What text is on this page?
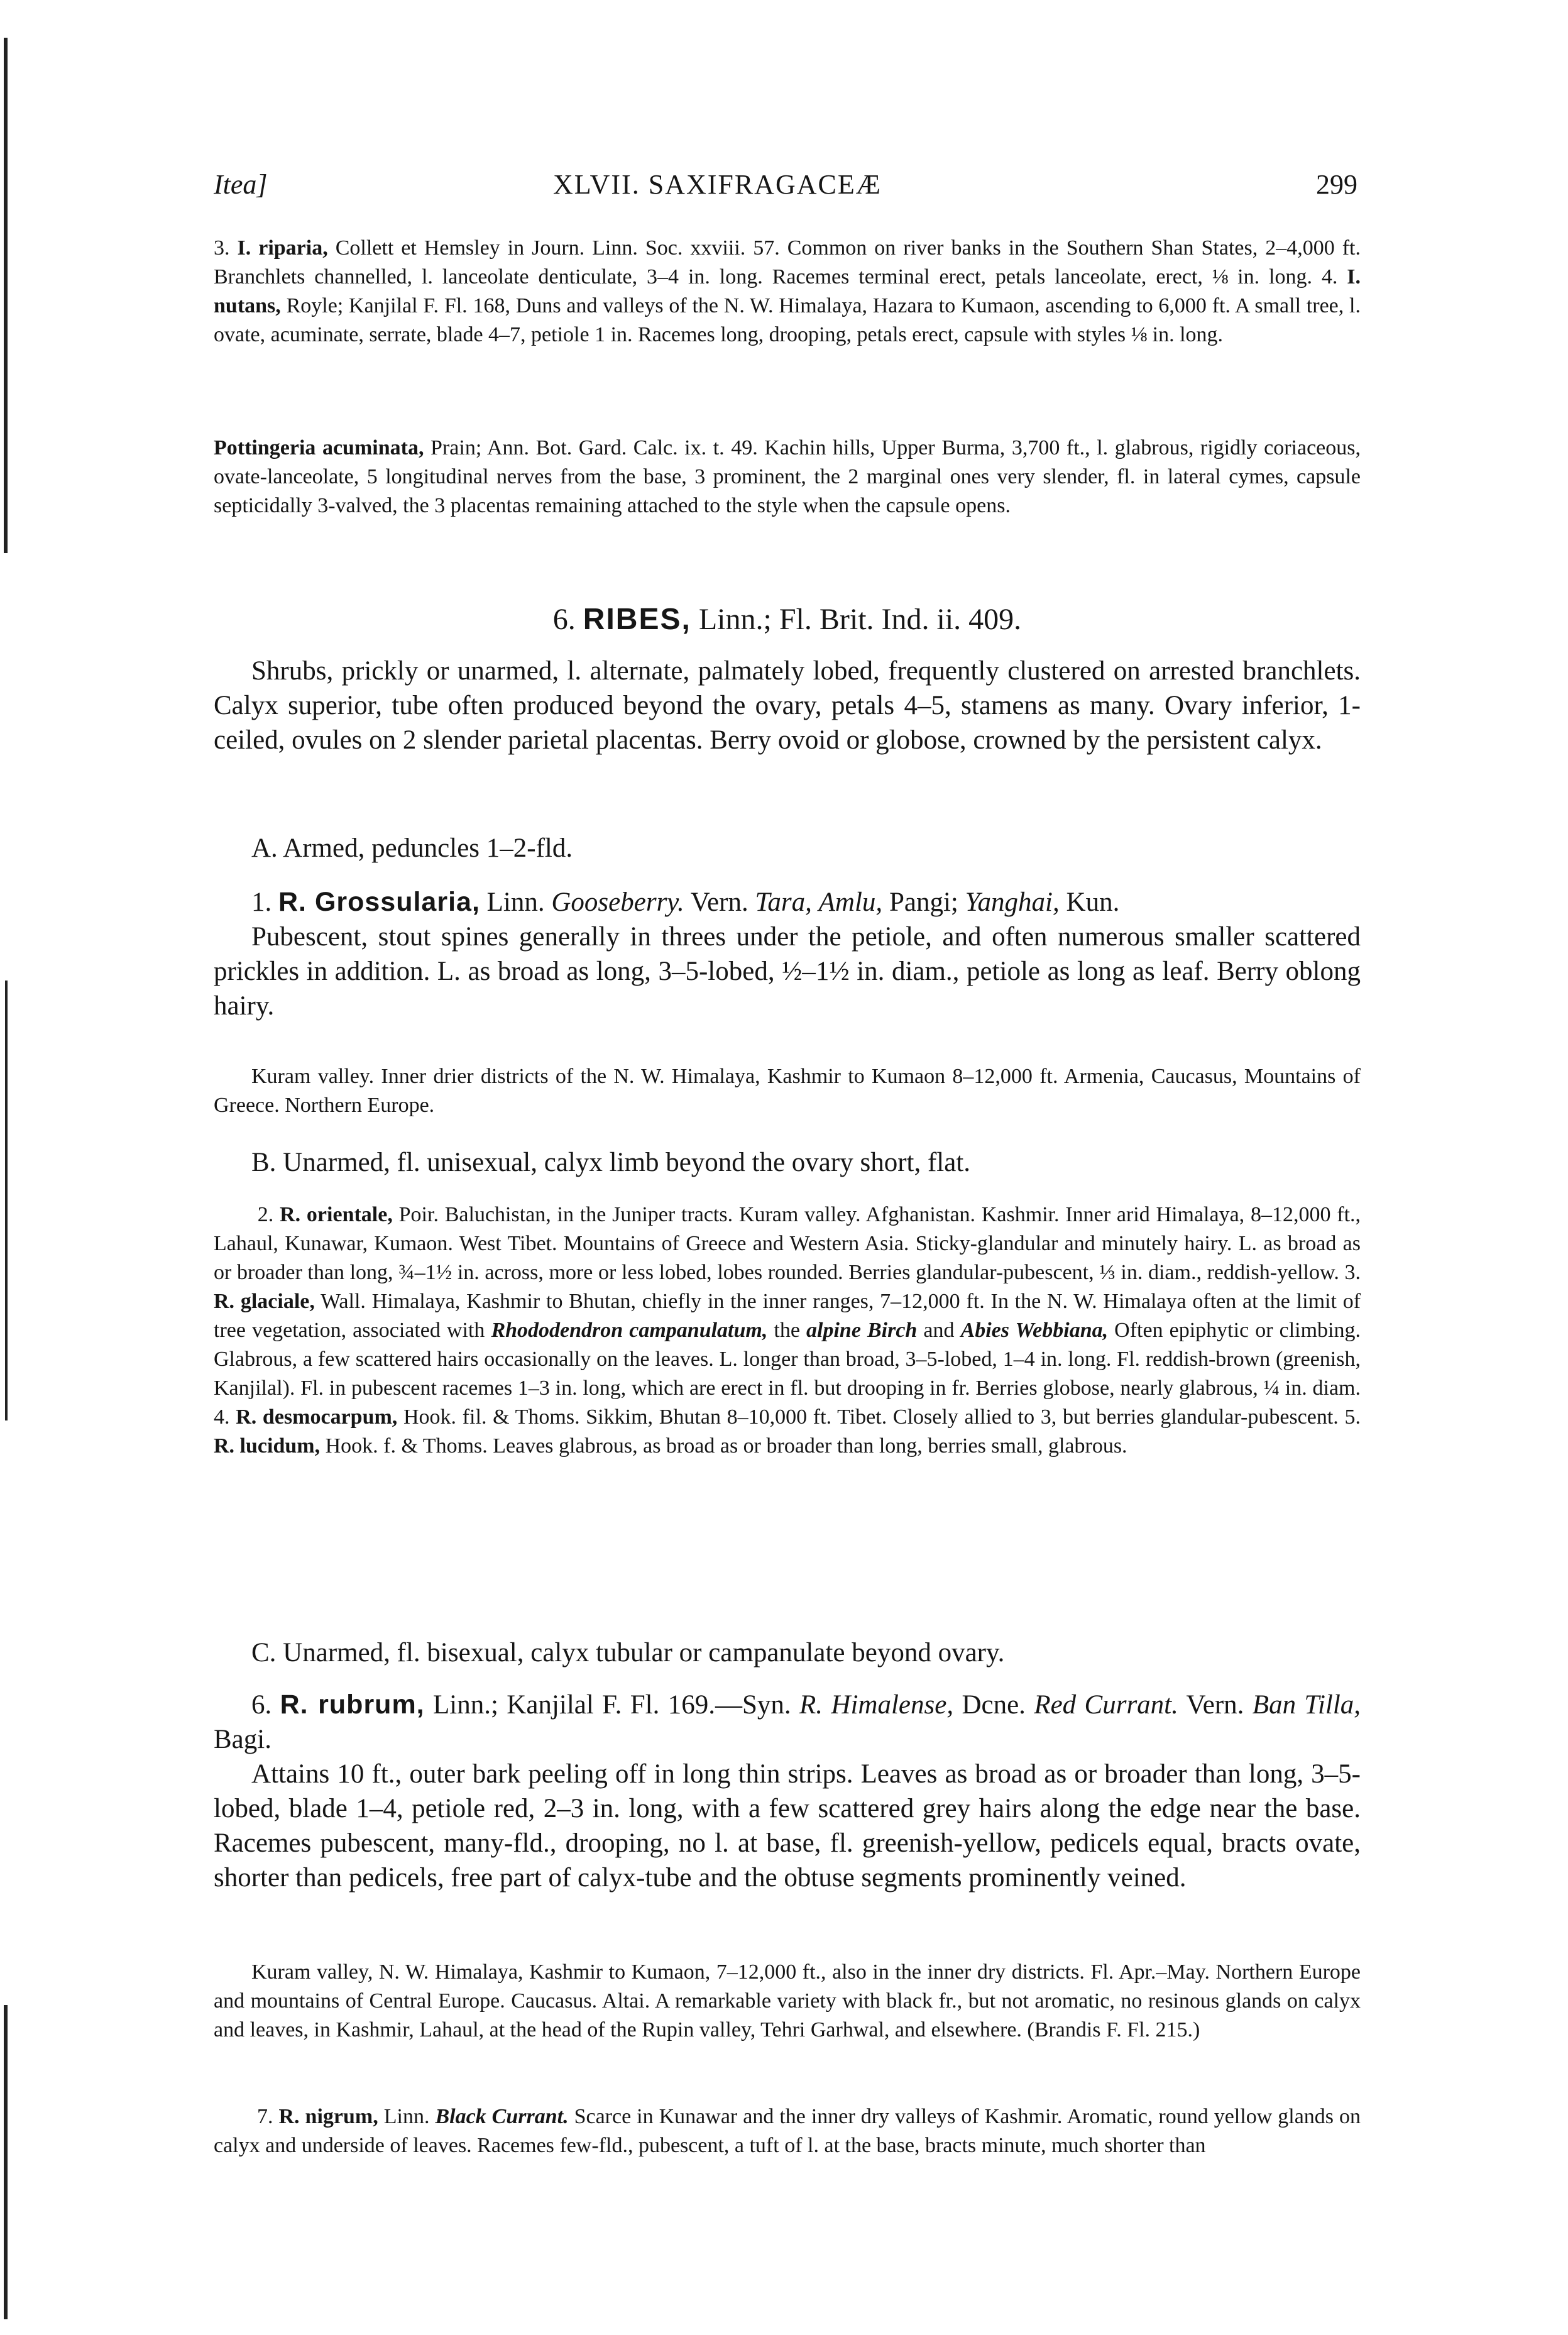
Itea]	XLVII. SAXIFRAGACEÆ	299

3. I. riparia, Collett et Hemsley in Journ. Linn. Soc. xxviii. 57. Common on river banks in the Southern Shan States, 2–4,000 ft. Branchlets channelled, l. lanceolate denticulate, 3–4 in. long. Racemes terminal erect, petals lanceolate, erect, ⅛ in. long. 4. I. nutans, Royle; Kanjilal F. Fl. 168, Duns and valleys of the N. W. Himalaya, Hazara to Kumaon, ascending to 6,000 ft. A small tree, l. ovate, acuminate, serrate, blade 4–7, petiole 1 in. Racemes long, drooping, petals erect, capsule with styles ⅛ in. long.

Pottingeria acuminata, Prain; Ann. Bot. Gard. Calc. ix. t. 49. Kachin hills, Upper Burma, 3,700 ft., l. glabrous, rigidly coriaceous, ovate-lanceolate, 5 longitudinal nerves from the base, 3 prominent, the 2 marginal ones very slender, fl. in lateral cymes, capsule septicidally 3-valved, the 3 placentas remaining attached to the style when the capsule opens.

6. RIBES, Linn.; Fl. Brit. Ind. ii. 409.

Shrubs, prickly or unarmed, l. alternate, palmately lobed, frequently clustered on arrested branchlets. Calyx superior, tube often produced beyond the ovary, petals 4–5, stamens as many. Ovary inferior, 1-ceiled, ovules on 2 slender parietal placentas. Berry ovoid or globose, crowned by the persistent calyx.

A. Armed, peduncles 1–2-fld.

1. R. Grossularia, Linn. Gooseberry. Vern. Tara, Amlu, Pangi; Yanghai, Kun.

Pubescent, stout spines generally in threes under the petiole, and often numerous smaller scattered prickles in addition. L. as broad as long, 3–5-lobed, ½–1½ in. diam., petiole as long as leaf. Berry oblong hairy.

Kuram valley. Inner drier districts of the N. W. Himalaya, Kashmir to Kumaon 8–12,000 ft. Armenia, Caucasus, Mountains of Greece. Northern Europe.

B. Unarmed, fl. unisexual, calyx limb beyond the ovary short, flat.

2. R. orientale, Poir. Baluchistan, in the Juniper tracts. Kuram valley. Afghanistan. Kashmir. Inner arid Himalaya, 8–12,000 ft., Lahaul, Kunawar, Kumaon. West Tibet. Mountains of Greece and Western Asia. Sticky-glandular and minutely hairy. L. as broad as or broader than long, ¾–1½ in. across, more or less lobed, lobes rounded. Berries glandular-pubescent, ⅓ in. diam., reddish-yellow. 3. R. glaciale, Wall. Himalaya, Kashmir to Bhutan, chiefly in the inner ranges, 7–12,000 ft. In the N. W. Himalaya often at the limit of tree vegetation, associated with Rhododendron campanulatum, the alpine Birch and Abies Webbiana, Often epiphytic or climbing. Glabrous, a few scattered hairs occasionally on the leaves. L. longer than broad, 3–5-lobed, 1–4 in. long. Fl. reddish-brown (greenish, Kanjilal). Fl. in pubescent racemes 1–3 in. long, which are erect in fl. but drooping in fr. Berries globose, nearly glabrous, ¼ in. diam. 4. R. desmocarpum, Hook. fil. & Thoms. Sikkim, Bhutan 8–10,000 ft. Tibet. Closely allied to 3, but berries glandular-pubescent. 5. R. lucidum, Hook. f. & Thoms. Leaves glabrous, as broad as or broader than long, berries small, glabrous.

C. Unarmed, fl. bisexual, calyx tubular or campanulate beyond ovary.

6. R. rubrum, Linn.; Kanjilal F. Fl. 169.—Syn. R. Himalense, Dcne. Red Currant. Vern. Ban Tilla, Bagi.

Attains 10 ft., outer bark peeling off in long thin strips. Leaves as broad as or broader than long, 3–5-lobed, blade 1–4, petiole red, 2–3 in. long, with a few scattered grey hairs along the edge near the base. Racemes pubescent, many-fld., drooping, no l. at base, fl. greenish-yellow, pedicels equal, bracts ovate, shorter than pedicels, free part of calyx-tube and the obtuse segments prominently veined.

Kuram valley, N. W. Himalaya, Kashmir to Kumaon, 7–12,000 ft., also in the inner dry districts. Fl. Apr.–May. Northern Europe and mountains of Central Europe. Caucasus. Altai. A remarkable variety with black fr., but not aromatic, no resinous glands on calyx and leaves, in Kashmir, Lahaul, at the head of the Rupin valley, Tehri Garhwal, and elsewhere. (Brandis F. Fl. 215.)

7. R. nigrum, Linn. Black Currant. Scarce in Kunawar and the inner dry valleys of Kashmir. Aromatic, round yellow glands on calyx and underside of leaves. Racemes few-fld., pubescent, a tuft of l. at the base, bracts minute, much shorter than
